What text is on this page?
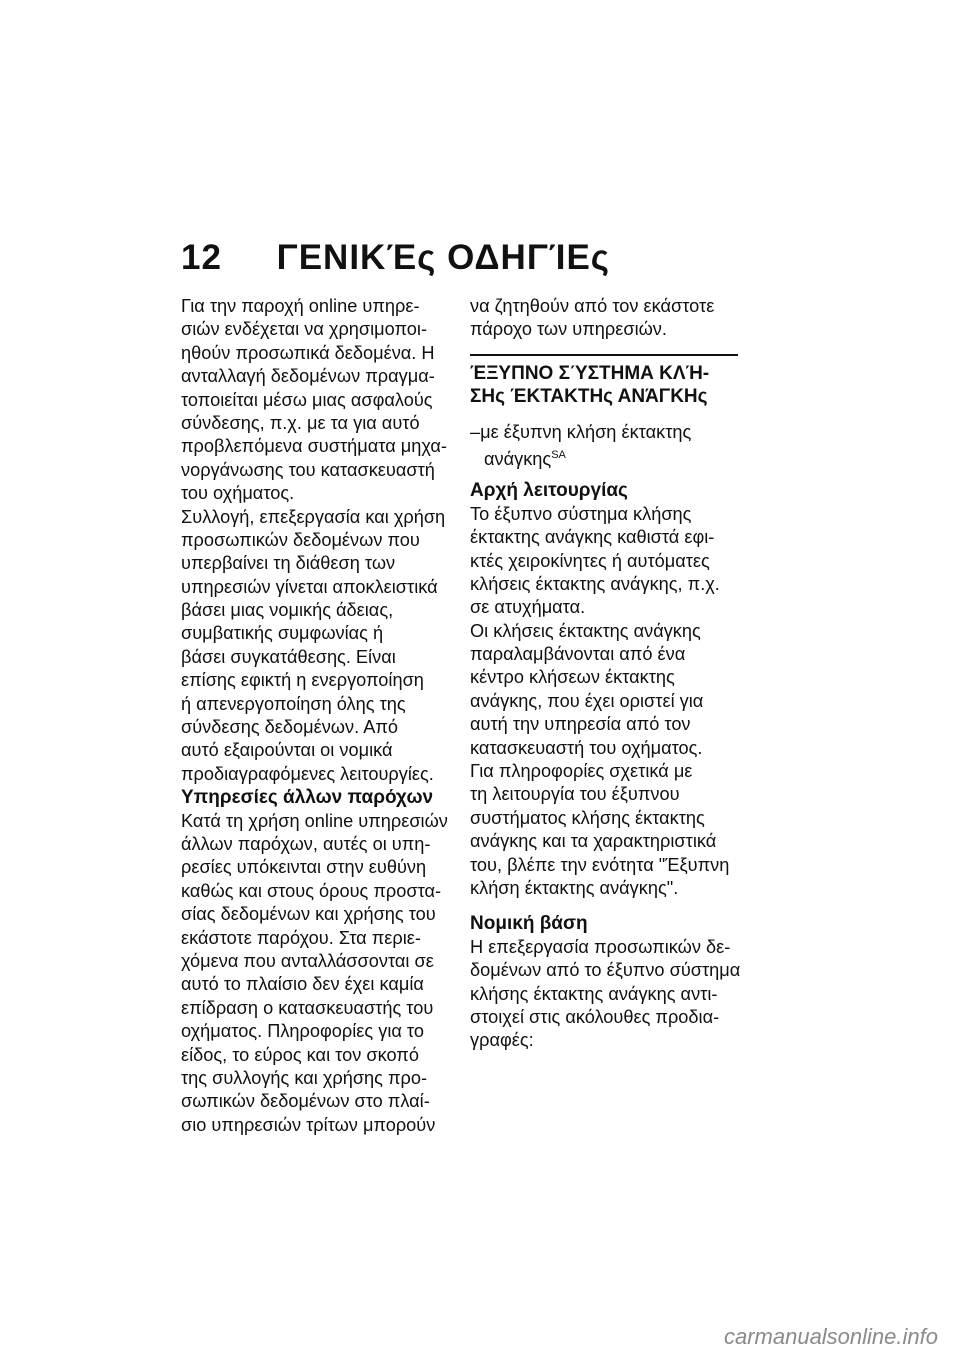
12 ΓΕΝΙΚΈς ΟΔΗΓΊΕς
Για την παροχή online υπηρε-
σιών ενδέχεται να χρησιμοποι-
ηθούν προσωπικά δεδομένα. Η
ανταλλαγή δεδομένων πραγμα-
τοποιείται μέσω μιας ασφαλούς
σύνδεσης, π.χ. με τα για αυτό
προβλεπόμενα συστήματα μηχα-
νοργάνωσης του κατασκευαστή
του οχήματος.
Συλλογή, επεξεργασία και χρήση
προσωπικών δεδομένων που
υπερβαίνει τη διάθεση των
υπηρεσιών γίνεται αποκλειστικά
βάσει μιας νομικής άδειας,
συμβατικής συμφωνίας ή
βάσει συγκατάθεσης. Είναι
επίσης εφικτή η ενεργοποίηση
ή απενεργοποίηση όλης της
σύνδεσης δεδομένων. Από
αυτό εξαιρούνται οι νομικά
προδιαγραφόμενες λειτουργίες.
Υπηρεσίες άλλων παρόχων
Κατά τη χρήση online υπηρεσιών
άλλων παρόχων, αυτές οι υπη-
ρεσίες υπόκεινται στην ευθύνη
καθώς και στους όρους προστα-
σίας δεδομένων και χρήσης του
εκάστοτε παρόχου. Στα περιε-
χόμενα που ανταλλάσσονται σε
αυτό το πλαίσιο δεν έχει καμία
επίδραση ο κατασκευαστής του
οχήματος. Πληροφορίες για το
είδος, το εύρος και τον σκοπό
της συλλογής και χρήσης προ-
σωπικών δεδομένων στο πλαί-
σιο υπηρεσιών τρίτων μπορούν
να ζητηθούν από τον εκάστοτε
πάροχο των υπηρεσιών.
ΈΞΥΠΝΟ ΣΎΣΤΗΜΑ ΚΛΉ-
ΣΗς ΈΚΤΑΚΤΗς ΑΝΆΓΚΗς
–με έξυπνη κλήση έκτακτης
ανάγκης$^{SA}$
Αρχή λειτουργίας
Το έξυπνο σύστημα κλήσης
έκτακτης ανάγκης καθιστά εφι-
κτές χειροκίνητες ή αυτόματες
κλήσεις έκτακτης ανάγκης, π.χ.
σε ατυχήματα.
Οι κλήσεις έκτακτης ανάγκης
παραλαμβάνονται από ένα
κέντρο κλήσεων έκτακτης
ανάγκης, που έχει οριστεί για
αυτή την υπηρεσία από τον
κατασκευαστή του οχήματος.
Για πληροφορίες σχετικά με
τη λειτουργία του έξυπνου
συστήματος κλήσης έκτακτης
ανάγκης και τα χαρακτηριστικά
του, βλέπε την ενότητα "Έξυπνη
κλήση έκτακτης ανάγκης".
Νομική βάση
Η επεξεργασία προσωπικών δε-
δομένων από το έξυπνο σύστημα
κλήσης έκτακτης ανάγκης αντι-
στοιχεί στις ακόλουθες προδια-
γραφές:
carmanualsonline.info
